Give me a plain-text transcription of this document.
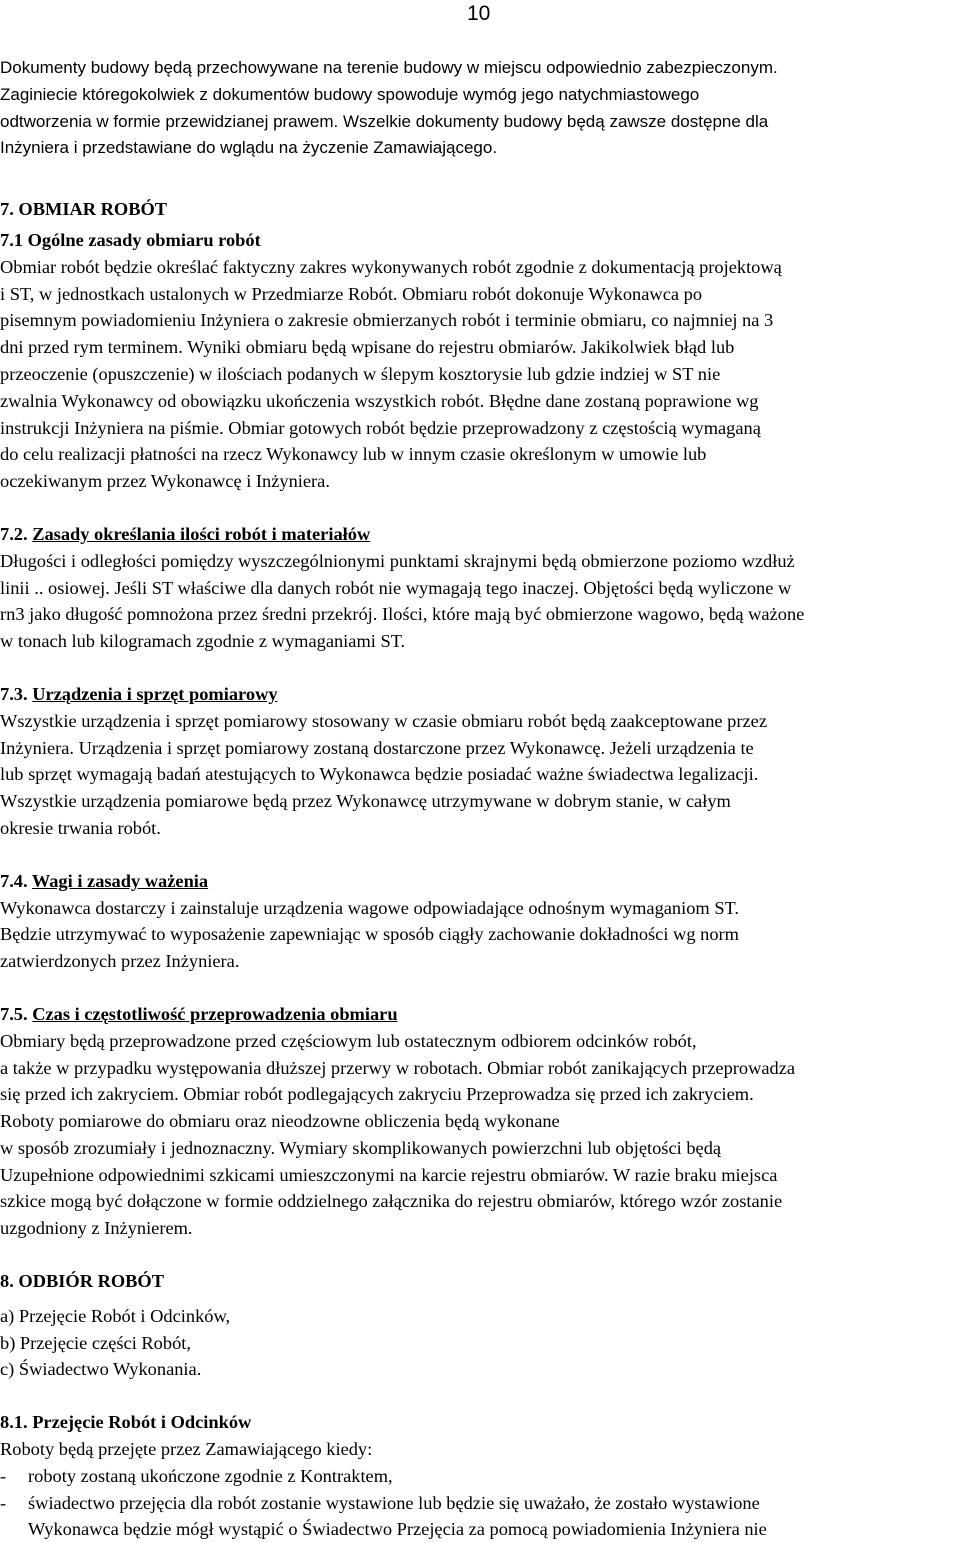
10

Dokumenty budowy będą przechowywane na terenie budowy w miejscu odpowiednio zabezpieczonym.
Zaginiecie któregokolwiek z dokumentów budowy spowoduje wymóg jego natychmiastowego
odtworzenia w formie przewidzianej prawem. Wszelkie dokumenty budowy będą zawsze dostępne dla
Inżyniera i przedstawiane do wglądu na życzenie Zamawiającego.

7. OBMIAR ROBÓT

7.1 Ogólne zasady obmiaru robót
Obmiar robót będzie określać faktyczny zakres wykonywanych robót zgodnie z dokumentacją projektową
i ST, w jednostkach ustalonych w Przedmiarze Robót. Obmiaru robót dokonuje Wykonawca po
pisemnym powiadomieniu Inżyniera o zakresie obmierzanych robót i terminie obmiaru, co najmniej na 3
dni przed rym terminem. Wyniki obmiaru będą wpisane do rejestru obmiarów. Jakikolwiek błąd lub
przeoczenie (opuszczenie) w ilościach podanych w ślepym kosztorysie lub gdzie indziej w ST nie
zwalnia Wykonawcy od obowiązku ukończenia wszystkich robót. Błędne dane zostaną poprawione wg
instrukcji Inżyniera na piśmie. Obmiar gotowych robót będzie przeprowadzony z częstością wymaganą
do celu realizacji płatności na rzecz Wykonawcy lub w innym czasie określonym w umowie lub
oczekiwanym przez Wykonawcę i Inżyniera.

7.2. Zasady określania ilości robót i materiałów
Długości i odległości pomiędzy wyszczególnionymi punktami skrajnymi będą obmierzone poziomo wzdłuż
linii .. osiowej. Jeśli ST właściwe dla danych robót nie wymagają tego inaczej. Objętości będą wyliczone w
rn3 jako długość pomnożona przez średni przekrój. Ilości, które mają być obmierzone wagowo, będą ważone
w tonach lub kilogramach zgodnie z wymaganiami ST.

7.3. Urządzenia i sprzęt pomiarowy
Wszystkie urządzenia i sprzęt pomiarowy stosowany w czasie obmiaru robót będą zaakceptowane przez
Inżyniera. Urządzenia i sprzęt pomiarowy zostaną dostarczone przez Wykonawcę. Jeżeli urządzenia te
lub sprzęt wymagają badań atestujących to Wykonawca będzie posiadać ważne świadectwa legalizacji.
Wszystkie urządzenia pomiarowe będą przez Wykonawcę utrzymywane w dobrym stanie, w całym
okresie trwania robót.

7.4. Wagi i zasady ważenia
Wykonawca dostarczy i zainstaluje urządzenia wagowe odpowiadające odnośnym wymaganiom ST.
Będzie utrzymywać to wyposażenie zapewniając w sposób ciągły zachowanie dokładności wg norm
zatwierdzonych przez Inżyniera.

7.5. Czas i częstotliwość przeprowadzenia obmiaru
Obmiary będą przeprowadzone przed częściowym lub ostatecznym odbiorem odcinków robót,
a także w przypadku występowania dłuższej przerwy w robotach. Obmiar robót zanikających przeprowadza
się przed ich zakryciem. Obmiar robót podlegających zakryciu Przeprowadza się przed ich zakryciem.
Roboty pomiarowe do obmiaru oraz nieodzowne obliczenia będą wykonane
w sposób zrozumiały i jednoznaczny. Wymiary skomplikowanych powierzchni lub objętości będą
Uzupełnione odpowiednimi szkicami umieszczonymi na karcie rejestru obmiarów. W razie braku miejsca
szkice mogą być dołączone w formie oddzielnego załącznika do rejestru obmiarów, którego wzór zostanie
uzgodniony z Inżynierem.

8. ODBIÓR ROBÓT

a) Przejęcie Robót i Odcinków,
b) Przejęcie części Robót,
c) Świadectwo Wykonania.

8.1. Przejęcie Robót i Odcinków
Roboty będą przejęte przez Zamawiającego kiedy:
- roboty zostaną ukończone zgodnie z Kontraktem,
- świadectwo przejęcia dla robót zostanie wystawione lub będzie się uważało, że zostało wystawione
Wykonawca będzie mógł wystąpić o Świadectwo Przejęcia za pomocą powiadomienia Inżyniera nie
